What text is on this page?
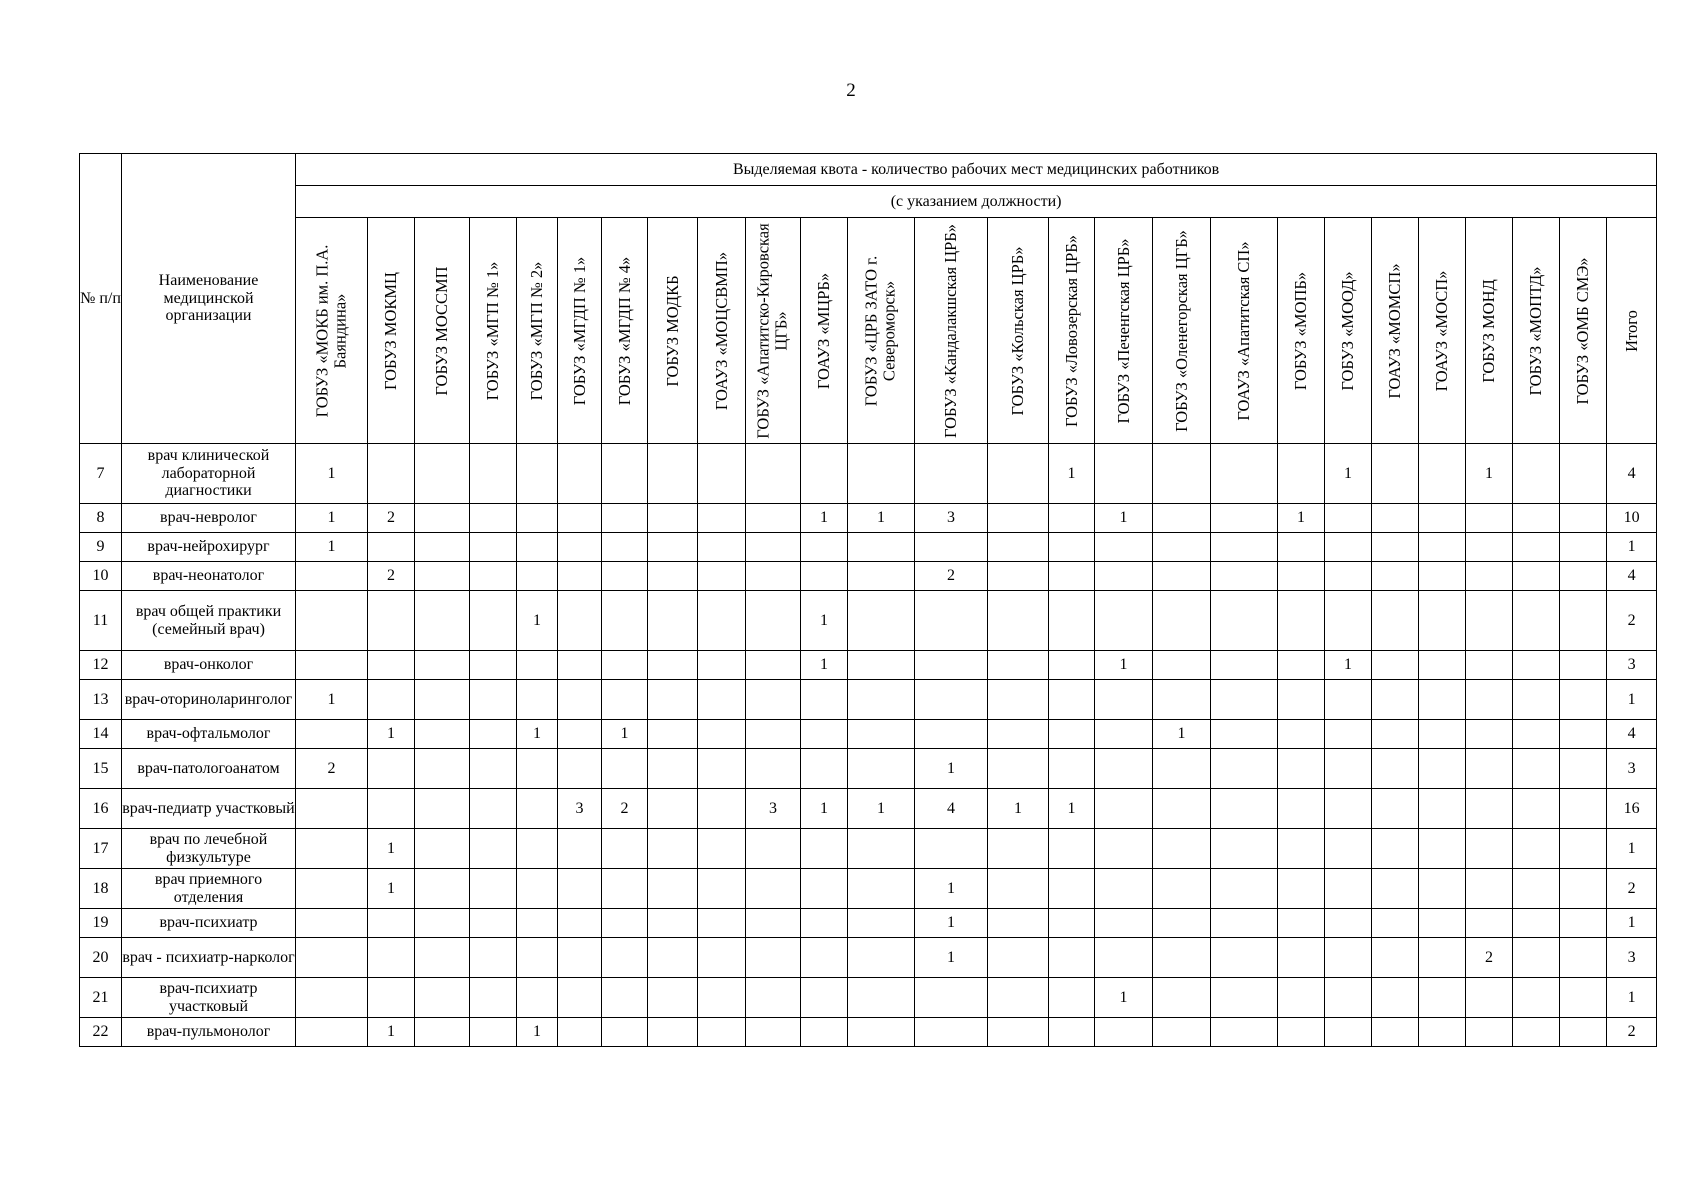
2
№ п/п	Наименование медицинской организации	Выделяемая квота - количество рабочих мест медицинских работников																									
		(с указанием должности)																									

		ГОБУЗ «МОКБ им. П.А. Баяндина»	ГОБУЗ МОКМЦ	ГОБУЗ МОССМП	ГОБУЗ «МГП № 1»	ГОБУЗ «МГП № 2»	ГОБУЗ «МГДП № 1»	ГОБУЗ «МГДП № 4»	ГОБУЗ МОДКБ	ГОАУЗ «МОЦСВМП»	ГОБУЗ «Апатитско-Кировская ЦГБ»	ГОАУЗ «МЦРБ»	ГОБУЗ «ЦРБ ЗАТО г. Североморск»	ГОБУЗ «Кандалакшская ЦРБ»	ГОБУЗ «Кольская ЦРБ»	ГОБУЗ «Ловозерская ЦРБ»	ГОБУЗ «Печенгская ЦРБ»	ГОБУЗ «Оленегорская ЦГБ»	ГОАУЗ «Апатитская СП»	ГОБУЗ «МОПБ»	ГОБУЗ «МООД»	ГОАУЗ «МОМСП»	ГОАУЗ «МОСП»	ГОБУЗ МОНД	ГОБУЗ «МОПТД»	ГОБУЗ «ОМБ СМЭ»	Итого

7	врач клинической лабораторной диагностики	1														1					1			1			4
8	врач-невролог	1	2									1	1	3			1			1							10
9	врач-нейрохирург	1																									1
10	врач-неонатолог		2											2													4
11	врач общей практики (семейный врач)					1						1															2
12	врач-онколог											1					1				1						3
13	врач-оториноларинголог	1																									1
14	врач-офтальмолог		1			1		1										1									4
15	врач-патологоанатом	2												1													3
16	врач-педиатр участковый						3	2			3	1	1	4	1	1											16
17	врач по лечебной физкультуре		1																								1
18	врач приемного отделения		1											1													2
19	врач-психиатр													1													1
20	врач - психиатр-нарколог													1										2			3
21	врач-психиатр участковый																1										1
22	врач-пульмонолог		1			1																					2
